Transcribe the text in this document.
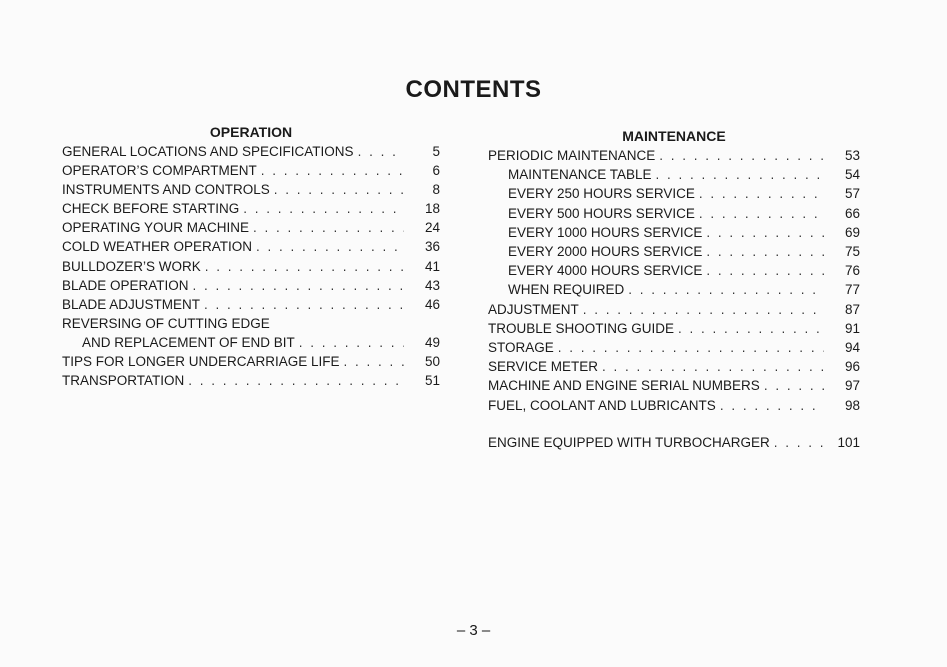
CONTENTS
OPERATION
GENERAL LOCATIONS AND SPECIFICATIONS . . .	5
OPERATOR’S COMPARTMENT . . .	6
INSTRUMENTS AND CONTROLS . . .	8
CHECK BEFORE STARTING . . .	18
OPERATING YOUR MACHINE . . .	24
COLD WEATHER OPERATION . . .	36
BULLDOZER’S WORK . . .	41
BLADE OPERATION . . .	43
BLADE ADJUSTMENT . . .	46
REVERSING OF CUTTING EDGE
AND REPLACEMENT OF END BIT . . .	49
TIPS FOR LONGER UNDERCARRIAGE LIFE . . .	50
TRANSPORTATION . . .	51
MAINTENANCE
PERIODIC MAINTENANCE . . .	53
MAINTENANCE TABLE . . .	54
EVERY 250 HOURS SERVICE . . .	57
EVERY 500 HOURS SERVICE . . .	66
EVERY 1000 HOURS SERVICE . . .	69
EVERY 2000 HOURS SERVICE . . .	75
EVERY 4000 HOURS SERVICE . . .	76
WHEN REQUIRED . . .	77
ADJUSTMENT . . .	87
TROUBLE SHOOTING GUIDE . . .	91
STORAGE . . .	94
SERVICE METER . . .	96
MACHINE AND ENGINE SERIAL NUMBERS . . .	97
FUEL, COOLANT AND LUBRICANTS . . .	98
ENGINE EQUIPPED WITH TURBOCHARGER . . .	101
– 3 –
